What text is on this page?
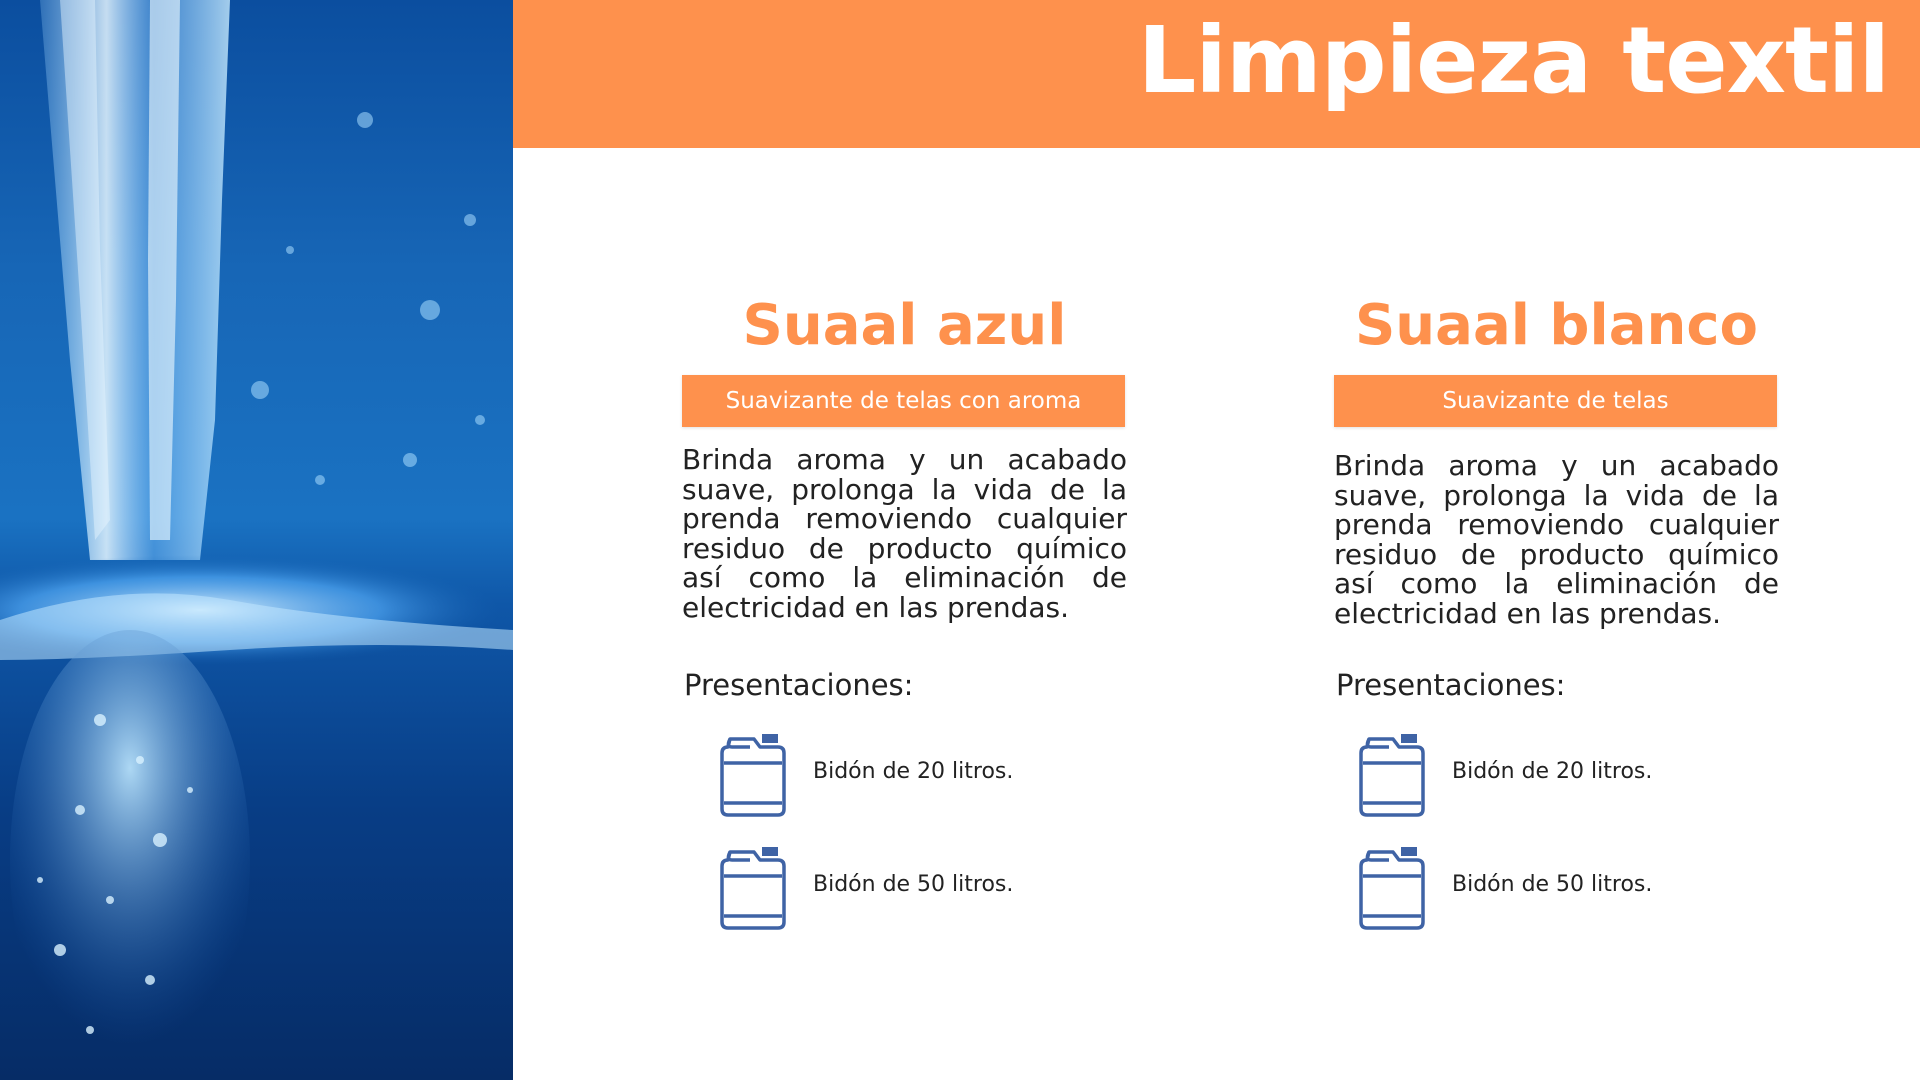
Limpieza textil
Suaal azul
Suavizante de telas con aroma
Brinda aroma y un acabado suave, prolonga la vida de la prenda removiendo cualquier residuo de producto químico así como la eliminación de electricidad en las prendas.
Presentaciones:
Bidón de 20 litros.
Bidón de 50 litros.
Suaal blanco
Suavizante de telas
Brinda aroma y un acabado suave, prolonga la vida de la prenda removiendo cualquier residuo de producto químico así como la eliminación de electricidad en las prendas.
Presentaciones:
Bidón de 20 litros.
Bidón de 50 litros.
